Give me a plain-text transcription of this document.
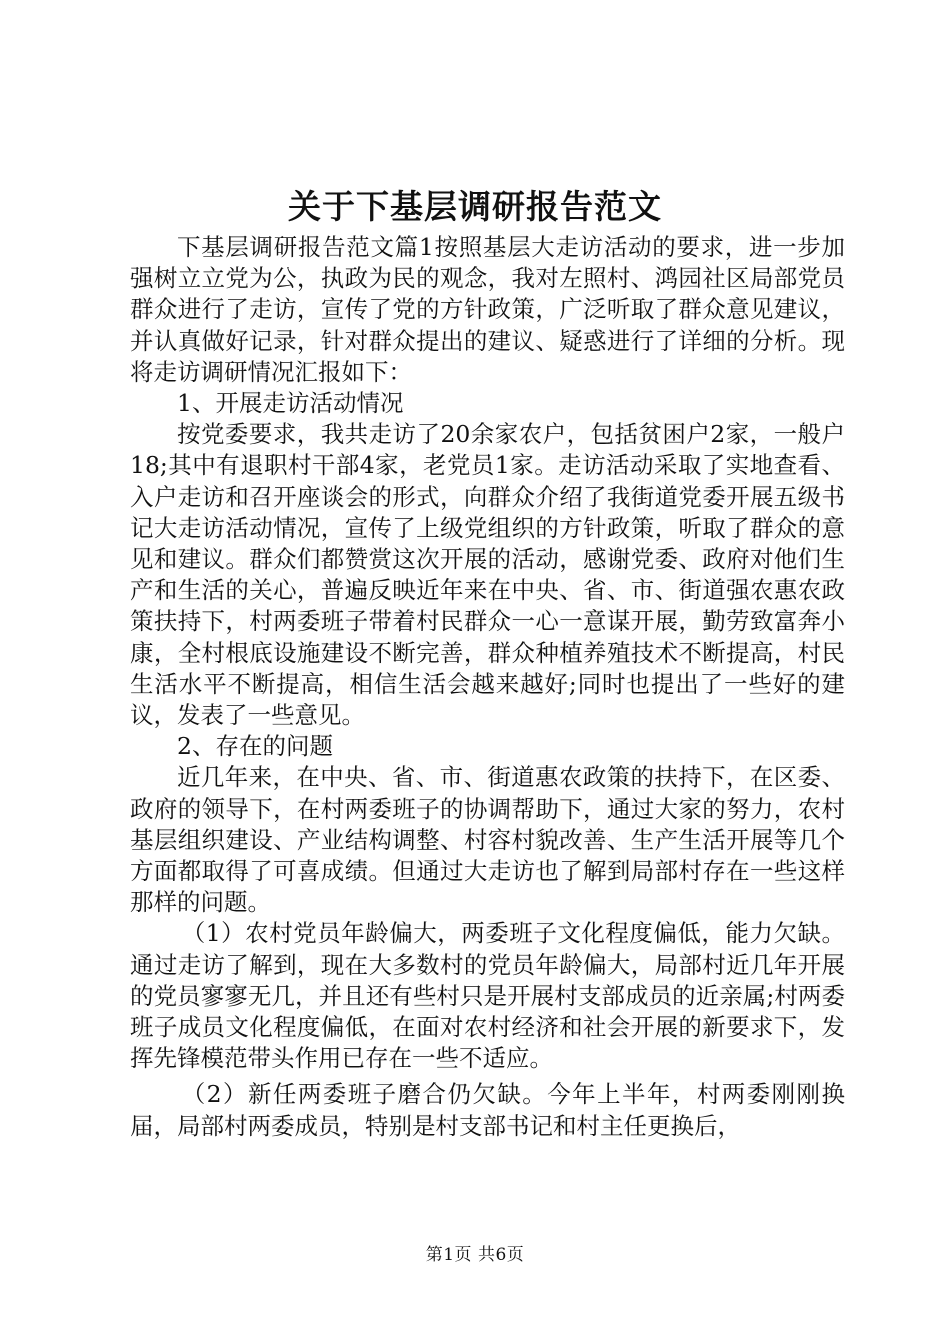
关于下基层调研报告范文

下基层调研报告范文篇1按照基层大走访活动的要求，进一步加强树立立党为公，执政为民的观念，我对左照村、鸿园社区局部党员群众进行了走访，宣传了党的方针政策，广泛听取了群众意见建议，并认真做好记录，针对群众提出的建议、疑惑进行了详细的分析。现将走访调研情况汇报如下：

1、开展走访活动情况

按党委要求，我共走访了20余家农户，包括贫困户2家，一般户18;其中有退职村干部4家，老党员1家。走访活动采取了实地查看、入户走访和召开座谈会的形式，向群众介绍了我街道党委开展五级书记大走访活动情况，宣传了上级党组织的方针政策，听取了群众的意见和建议。群众们都赞赏这次开展的活动，感谢党委、政府对他们生产和生活的关心，普遍反映近年来在中央、省、市、街道强农惠农政策扶持下，村两委班子带着村民群众一心一意谋开展，勤劳致富奔小康，全村根底设施建设不断完善，群众种植养殖技术不断提高，村民生活水平不断提高，相信生活会越来越好;同时也提出了一些好的建议，发表了一些意见。

2、存在的问题

近几年来，在中央、省、市、街道惠农政策的扶持下，在区委、政府的领导下，在村两委班子的协调帮助下，通过大家的努力，农村基层组织建设、产业结构调整、村容村貌改善、生产生活开展等几个方面都取得了可喜成绩。但通过大走访也了解到局部村存在一些这样那样的问题。

（1）农村党员年龄偏大，两委班子文化程度偏低，能力欠缺。通过走访了解到，现在大多数村的党员年龄偏大，局部村近几年开展的党员寥寥无几，并且还有些村只是开展村支部成员的近亲属;村两委班子成员文化程度偏低，在面对农村经济和社会开展的新要求下，发挥先锋模范带头作用已存在一些不适应。

（2）新任两委班子磨合仍欠缺。今年上半年，村两委刚刚换届，局部村两委成员，特别是村支部书记和村主任更换后，

第1页 共6页
